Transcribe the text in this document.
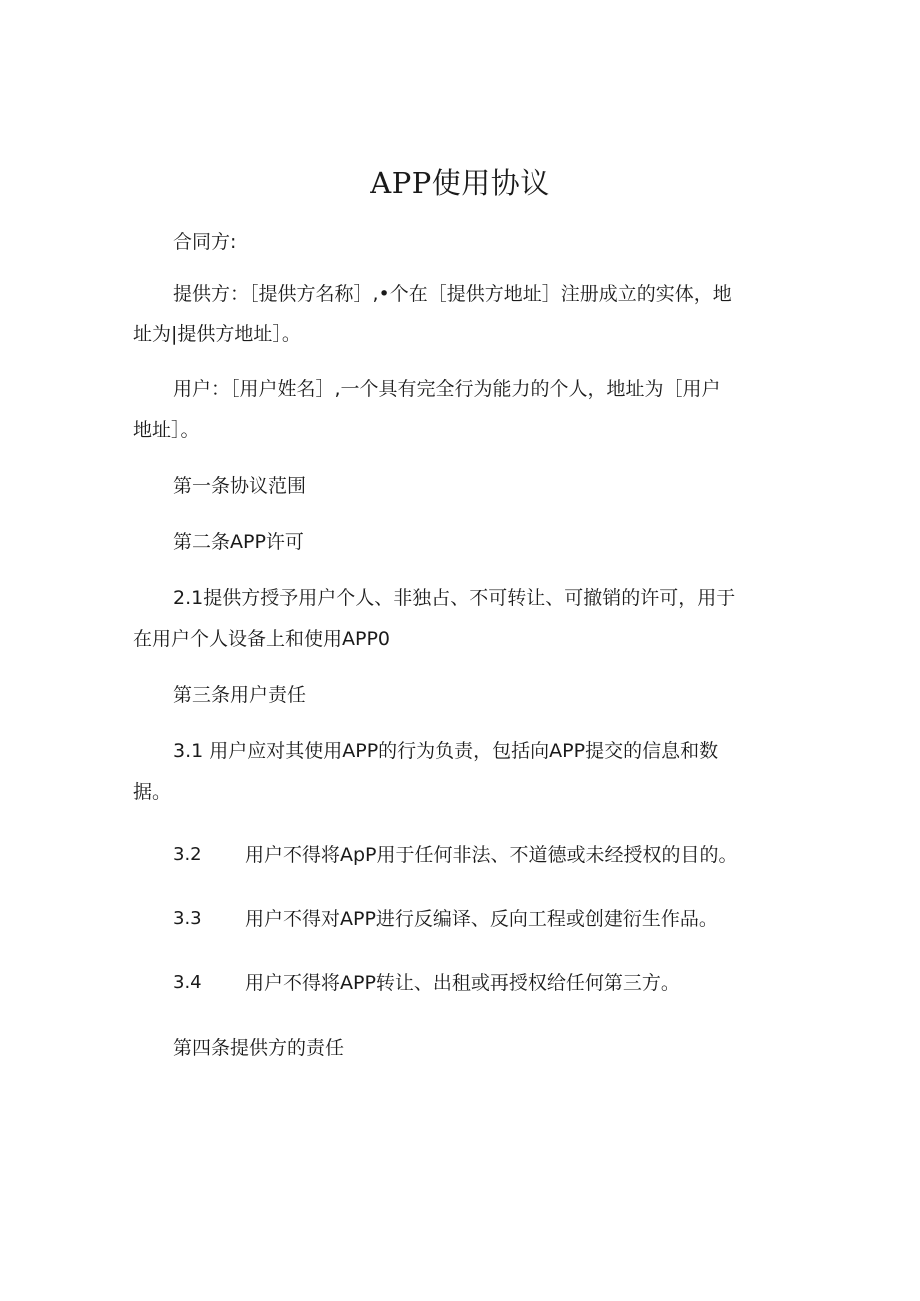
APP使用协议
合同方:
提供方：［提供方名称］,•个在［提供方地址］注册成立的实体，地
址为|提供方地址］。
用户：［用户姓名］,一个具有完全行为能力的个人，地址为［用户
地址］。
第一条协议范围
第二条APP许可
2.1提供方授予用户个人、非独占、不可转让、可撤销的许可，用于
在用户个人设备上和使用APP0
第三条用户责任
3.1 用户应对其使用APP的行为负责，包括向APP提交的信息和数
据。
3.2 用户不得将ApP用于任何非法、不道德或未经授权的目的。
3.3 用户不得对APP进行反编译、反向工程或创建衍生作品。
3.4 用户不得将APP转让、出租或再授权给任何第三方。
第四条提供方的责任
